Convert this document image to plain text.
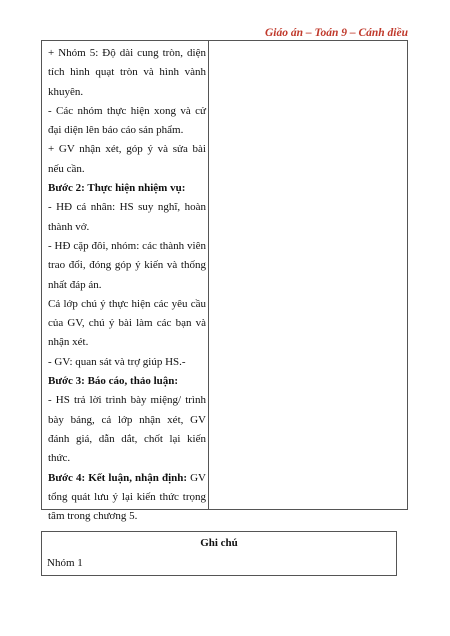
Giáo án – Toán 9 – Cánh diều

+ Nhóm 5: Độ dài cung tròn, diện tích hình quạt tròn và hình vành khuyên.

- Các nhóm thực hiện xong và cử đại diện lên báo cáo sản phẩm.

+ GV nhận xét, góp ý và sửa bài nếu cần.

Bước 2: Thực hiện nhiệm vụ:

- HĐ cá nhân: HS suy nghĩ, hoàn thành vở.

- HĐ cặp đôi, nhóm: các thành viên trao đổi, đóng góp ý kiến và thống nhất đáp án.

Cả lớp chú ý thực hiện các yêu cầu của GV, chú ý bài làm các bạn và nhận xét.

- GV: quan sát và trợ giúp HS.-

Bước 3: Báo cáo, thảo luận:

- HS trả lời trình bày miệng/ trình bày bảng, cả lớp nhận xét, GV đánh giá, dẫn dắt, chốt lại kiến thức.

Bước 4: Kết luận, nhận định: GV tổng quát lưu ý lại kiến thức trọng tâm trong chương 5.

Ghi chú
Nhóm 1
